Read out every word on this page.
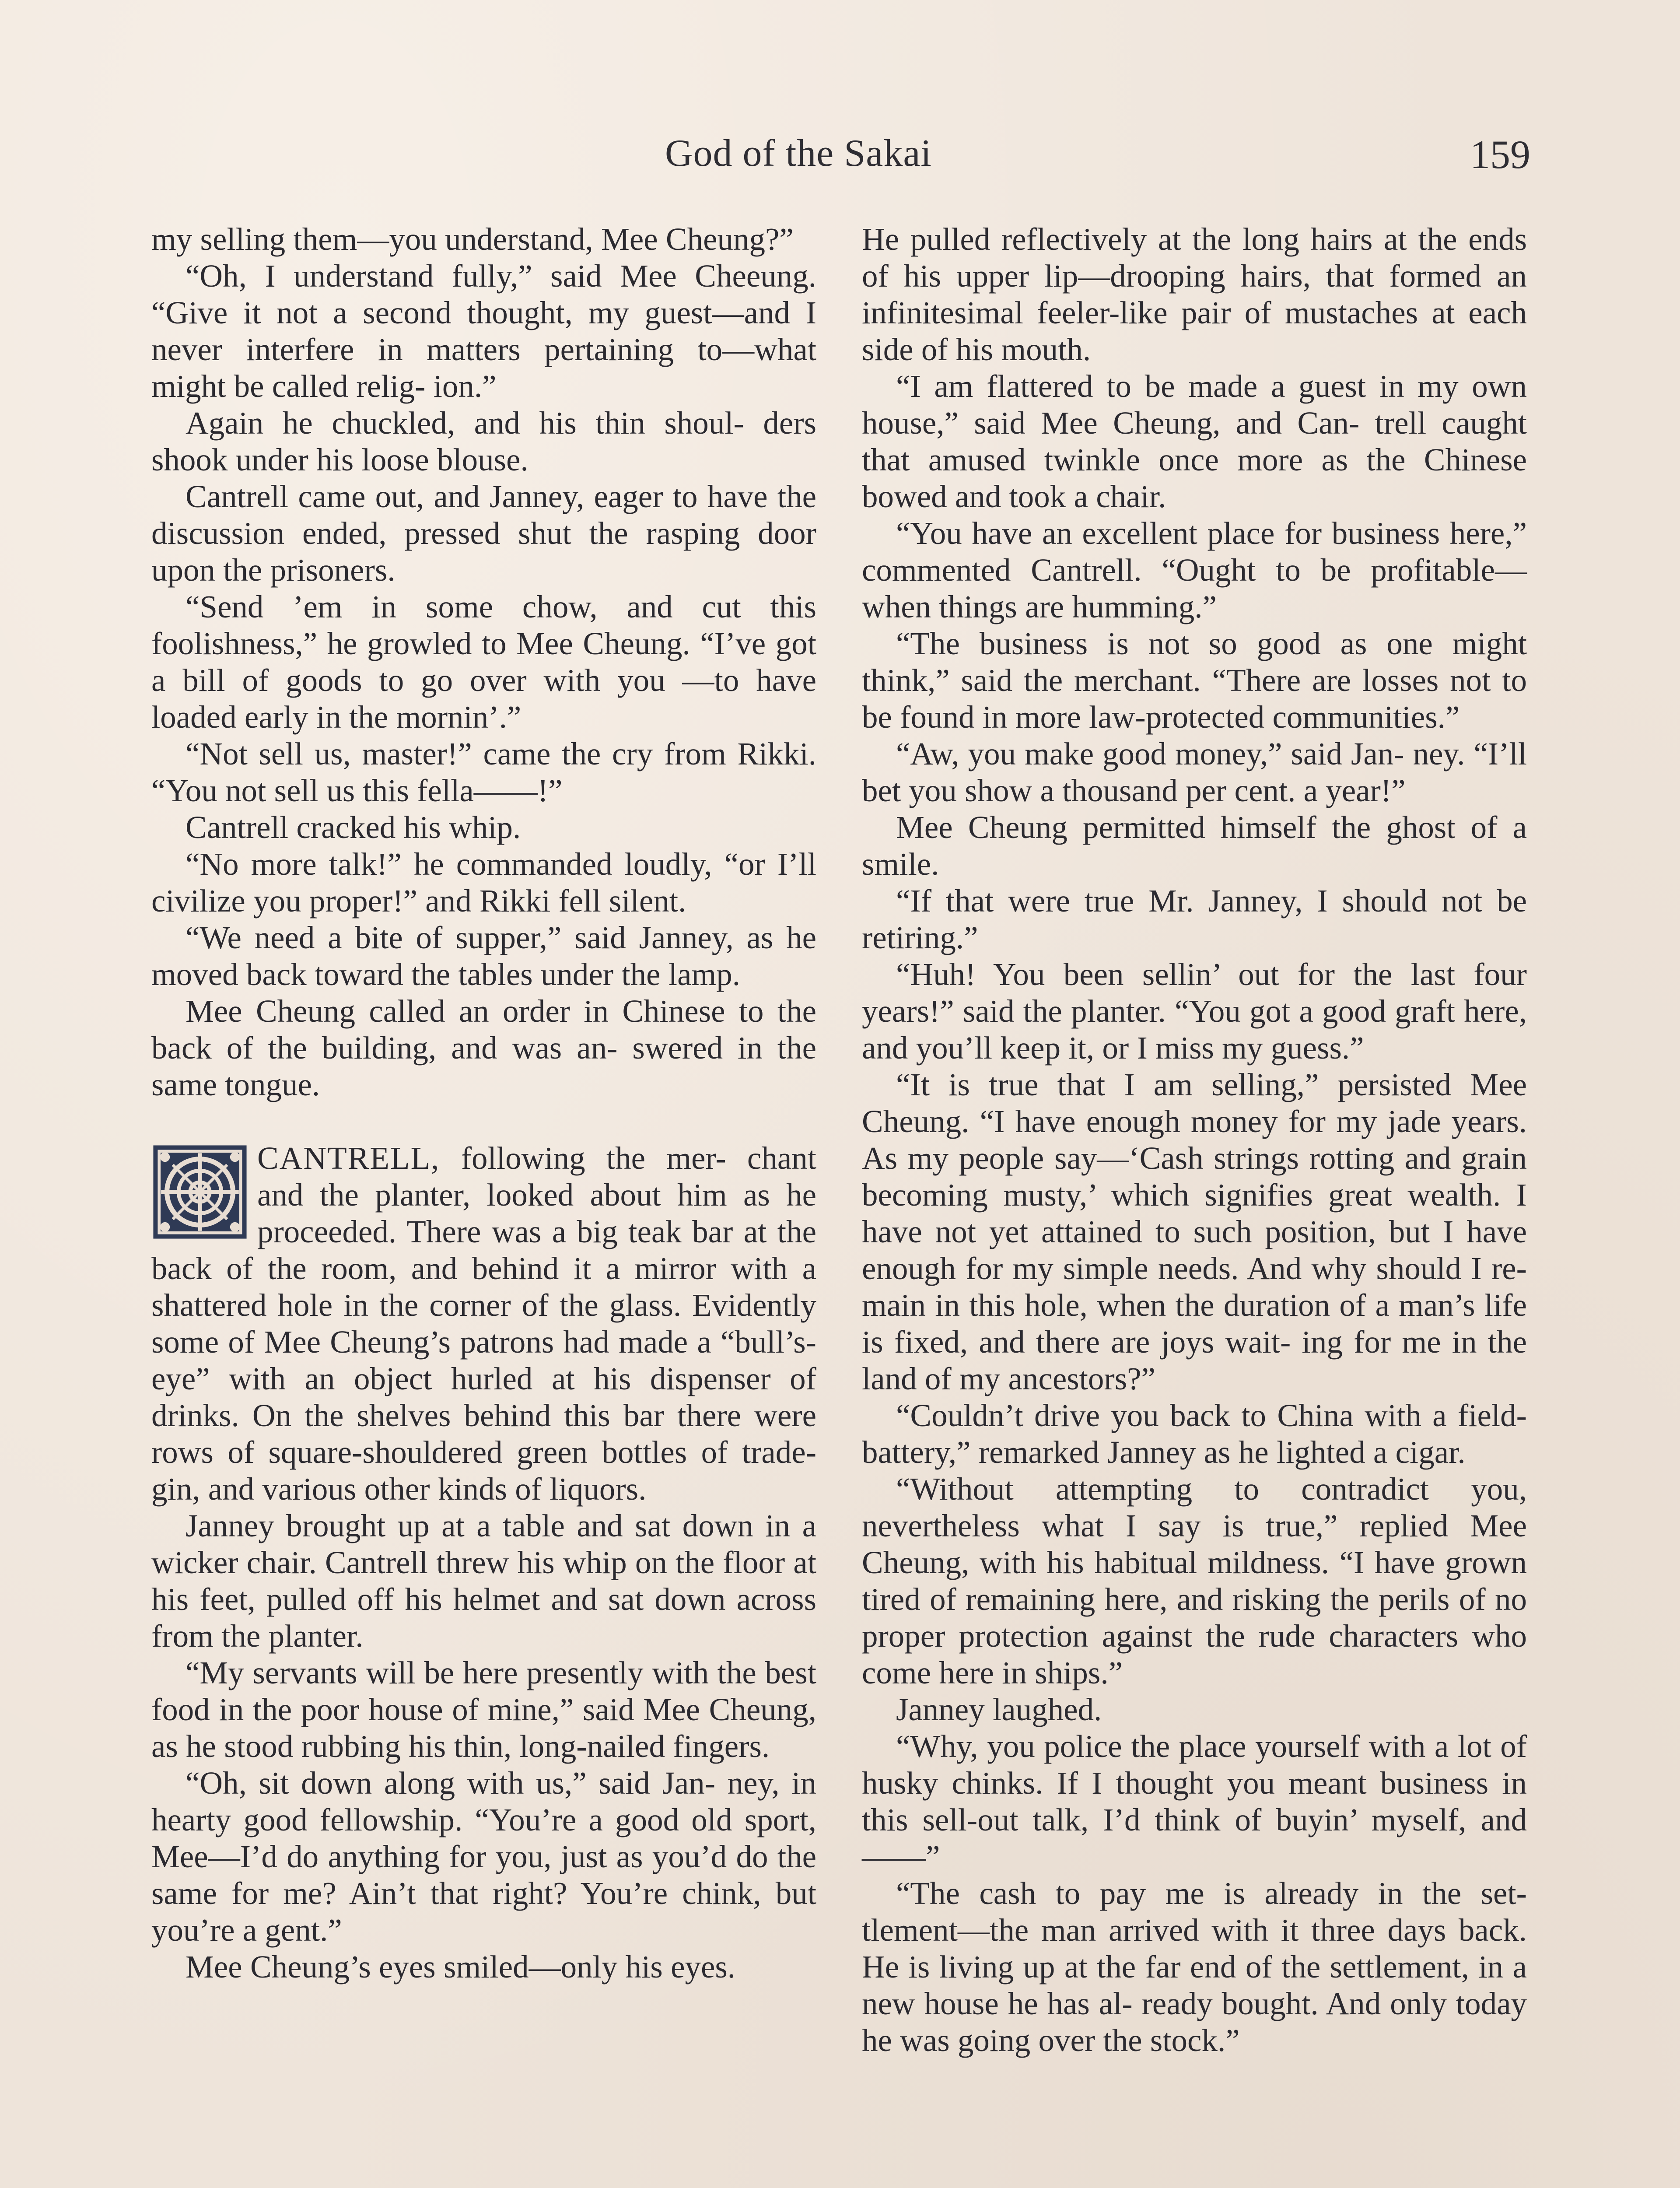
God of the Sakai	159

my selling them—you understand, Mee Cheung?”

“Oh, I understand fully,” said Mee Cheeung. “Give it not a second thought, my guest—and I never interfere in matters pertaining to—what might be called relig- ion.”

Again he chuckled, and his thin shoul- ders shook under his loose blouse.

Cantrell came out, and Janney, eager to have the discussion ended, pressed shut the rasping door upon the prisoners.

“Send ’em in some chow, and cut this foolishness,” he growled to Mee Cheung. “I’ve got a bill of goods to go over with you —to have loaded early in the mornin’.”

“Not sell us, master!” came the cry from Rikki. “You not sell us this fella——!”

Cantrell cracked his whip.

“No more talk!” he commanded loudly, “or I’ll civilize you proper!” and Rikki fell silent.

“We need a bite of supper,” said Janney, as he moved back toward the tables under the lamp.

Mee Cheung called an order in Chinese to the back of the building, and was an- swered in the same tongue.

CANTRELL, following the mer- chant and the planter, looked about him as he proceeded. There was a big teak bar at the back of the room, and behind it a mirror with a shattered hole in the corner of the glass. Evidently some of Mee Cheung’s patrons had made a “bull’s- eye” with an object hurled at his dispenser of drinks. On the shelves behind this bar there were rows of square-shouldered green bottles of trade-gin, and various other kinds of liquors.

Janney brought up at a table and sat down in a wicker chair. Cantrell threw his whip on the floor at his feet, pulled off his helmet and sat down across from the planter.

“My servants will be here presently with the best food in the poor house of mine,” said Mee Cheung, as he stood rubbing his thin, long-nailed fingers.

“Oh, sit down along with us,” said Jan- ney, in hearty good fellowship. “You’re a good old sport, Mee—I’d do anything for you, just as you’d do the same for me? Ain’t that right? You’re chink, but you’re a gent.”

Mee Cheung’s eyes smiled—only his eyes.

He pulled reflectively at the long hairs at the ends of his upper lip—drooping hairs, that formed an infinitesimal feeler-like pair of mustaches at each side of his mouth.

“I am flattered to be made a guest in my own house,” said Mee Cheung, and Can- trell caught that amused twinkle once more as the Chinese bowed and took a chair.

“You have an excellent place for business here,” commented Cantrell. “Ought to be profitable—when things are humming.”

“The business is not so good as one might think,” said the merchant. “There are losses not to be found in more law-protected communities.”

“Aw, you make good money,” said Jan- ney. “I’ll bet you show a thousand per cent. a year!”

Mee Cheung permitted himself the ghost of a smile.

“If that were true Mr. Janney, I should not be retiring.”

“Huh! You been sellin’ out for the last four years!” said the planter. “You got a good graft here, and you’ll keep it, or I miss my guess.”

“It is true that I am selling,” persisted Mee Cheung. “I have enough money for my jade years. As my people say—‘Cash strings rotting and grain becoming musty,’ which signifies great wealth. I have not yet attained to such position, but I have enough for my simple needs. And why should I re- main in this hole, when the duration of a man’s life is fixed, and there are joys wait- ing for me in the land of my ancestors?”

“Couldn’t drive you back to China with a field-battery,” remarked Janney as he lighted a cigar.

“Without attempting to contradict you, nevertheless what I say is true,” replied Mee Cheung, with his habitual mildness. “I have grown tired of remaining here, and risking the perils of no proper protection against the rude characters who come here in ships.”

Janney laughed.

“Why, you police the place yourself with a lot of husky chinks. If I thought you meant business in this sell-out talk, I’d think of buyin’ myself, and——”

“The cash to pay me is already in the set- tlement—the man arrived with it three days back. He is living up at the far end of the settlement, in a new house he has al- ready bought. And only today he was going over the stock.”
